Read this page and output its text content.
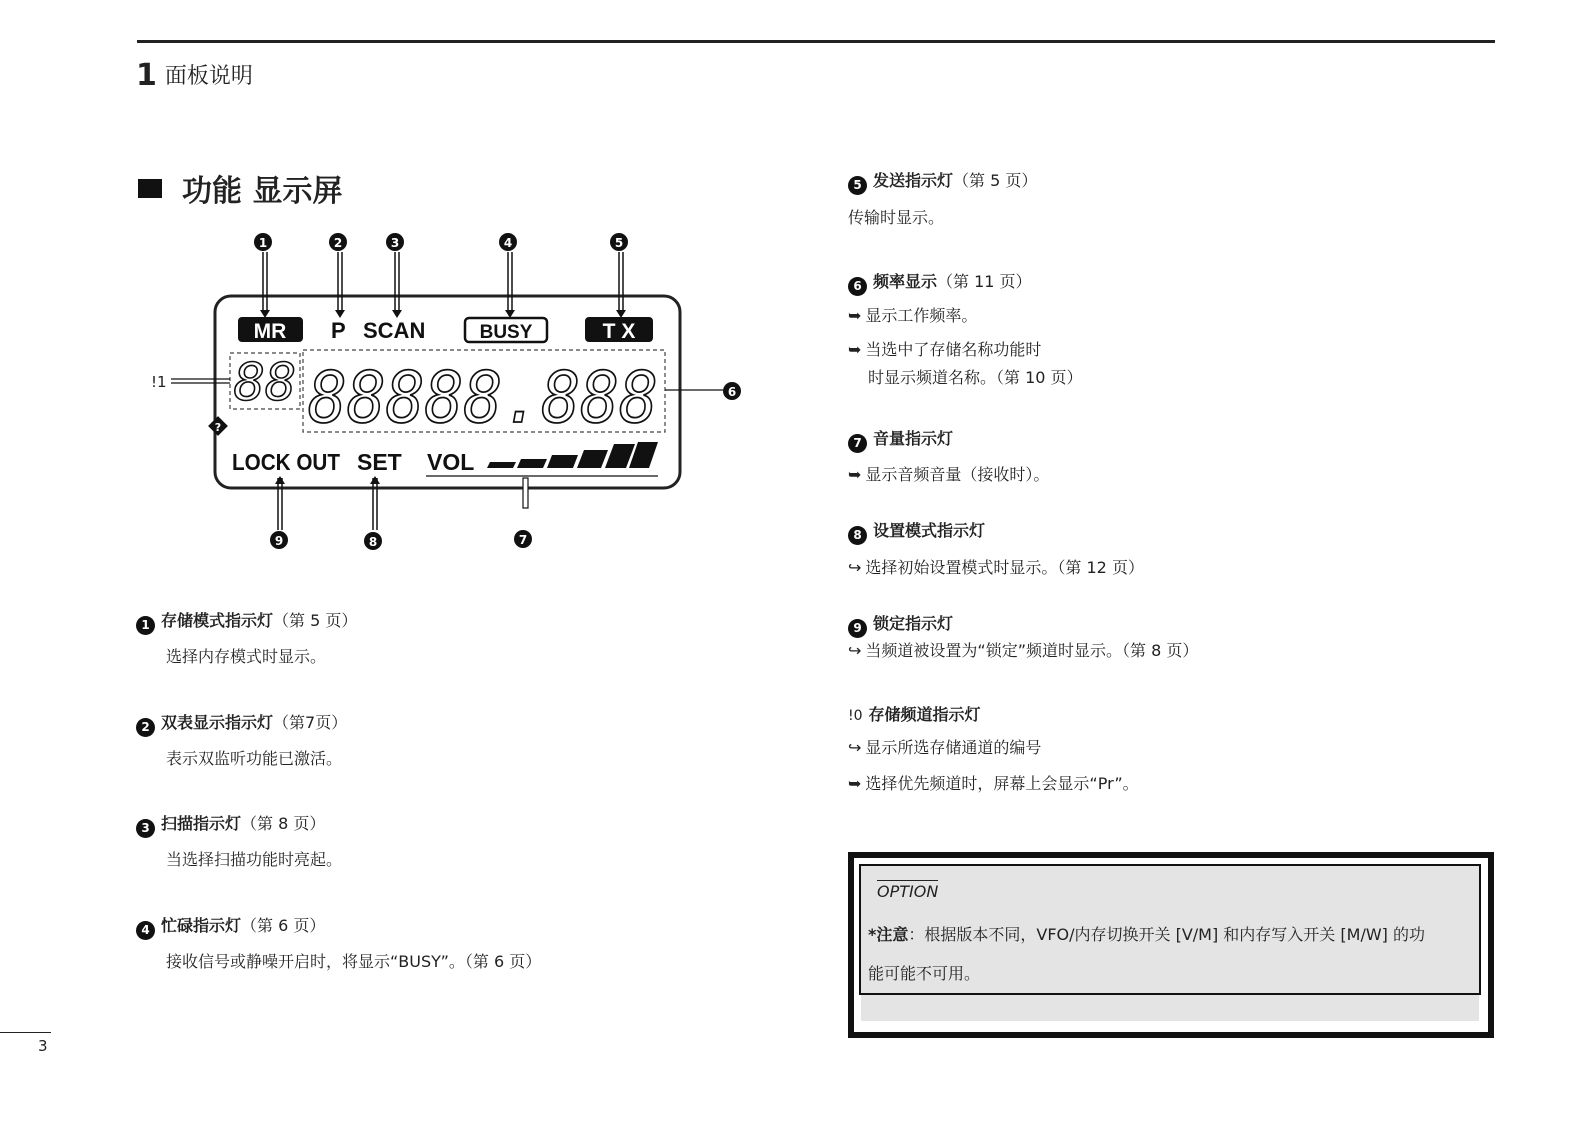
1 面板说明
功能 显示屏
1	2	3	4	5
MR P SCAN	BUSY	T X
88 88888.888
!1
?
6
LOCK OUT SET VOL
9	8	7
1 存储模式指示灯（第 5 页）
选择内存模式时显示。
2 双表显示指示灯（第7页）
表示双监听功能已激活。
3 扫描指示灯（第 8 页）
当选择扫描功能时亮起。
4 忙碌指示灯（第 6 页）
接收信号或静噪开启时，将显示“BUSY”。（第 6 页）
5 发送指示灯（第 5 页）
传输时显示。
6 频率显示（第 11 页）
➥ 显示工作频率。
➥ 当选中了存储名称功能时
时显示频道名称。（第 10 页）
7 音量指示灯
➥ 显示音频音量（接收时）。
8 设置模式指示灯
↪ 选择初始设置模式时显示。（第 12 页）
9 锁定指示灯
↪ 当频道被设置为“锁定”频道时显示。（第 8 页）
!0 存储频道指示灯
↪ 显示所选存储通道的编号
➥ 选择优先频道时，屏幕上会显示“Pr”。
OPTION
*注意：根据版本不同，VFO/内存切换开关 [V/M] 和内存写入开关 [M/W] 的功
能可能不可用。
3
